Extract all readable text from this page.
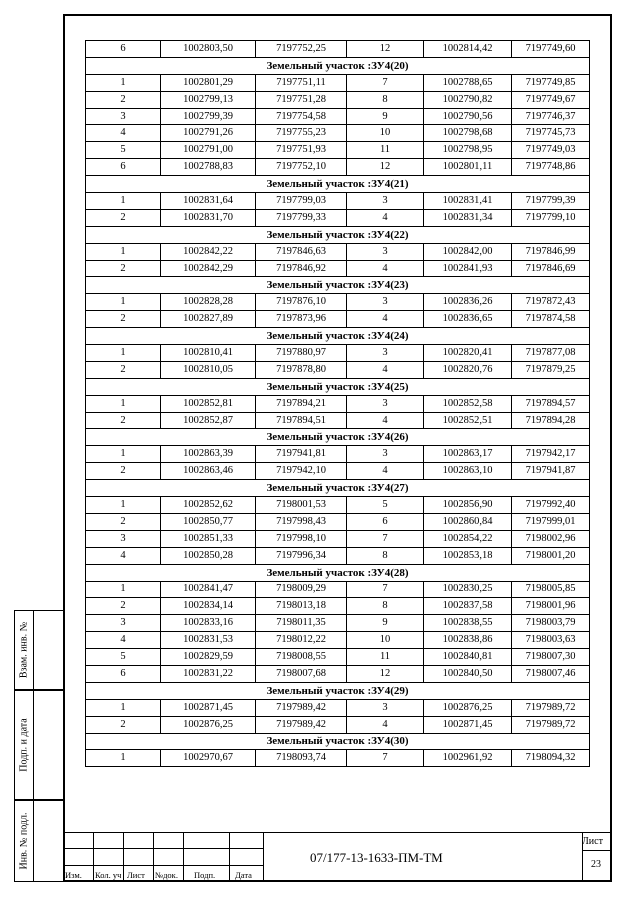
6	1002803,50	7197752,25	12	1002814,42	7197749,60
Земельный участок :ЗУ4(20)					
1	1002801,29	7197751,11	7	1002788,65	7197749,85
2	1002799,13	7197751,28	8	1002790,82	7197749,67
3	1002799,39	7197754,58	9	1002790,56	7197746,37
4	1002791,26	7197755,23	10	1002798,68	7197745,73
5	1002791,00	7197751,93	11	1002798,95	7197749,03
6	1002788,83	7197752,10	12	1002801,11	7197748,86
Земельный участок :ЗУ4(21)					
1	1002831,64	7197799,03	3	1002831,41	7197799,39
2	1002831,70	7197799,33	4	1002831,34	7197799,10
Земельный участок :ЗУ4(22)					
1	1002842,22	7197846,63	3	1002842,00	7197846,99
2	1002842,29	7197846,92	4	1002841,93	7197846,69
Земельный участок :ЗУ4(23)					
1	1002828,28	7197876,10	3	1002836,26	7197872,43
2	1002827,89	7197873,96	4	1002836,65	7197874,58
Земельный участок :ЗУ4(24)					
1	1002810,41	7197880,97	3	1002820,41	7197877,08
2	1002810,05	7197878,80	4	1002820,76	7197879,25
Земельный участок :ЗУ4(25)					
1	1002852,81	7197894,21	3	1002852,58	7197894,57
2	1002852,87	7197894,51	4	1002852,51	7197894,28
Земельный участок :ЗУ4(26)					
1	1002863,39	7197941,81	3	1002863,17	7197942,17
2	1002863,46	7197942,10	4	1002863,10	7197941,87
Земельный участок :ЗУ4(27)					
1	1002852,62	7198001,53	5	1002856,90	7197992,40
2	1002850,77	7197998,43	6	1002860,84	7197999,01
3	1002851,33	7197998,10	7	1002854,22	7198002,96
4	1002850,28	7197996,34	8	1002853,18	7198001,20
Земельный участок :ЗУ4(28)					
1	1002841,47	7198009,29	7	1002830,25	7198005,85
2	1002834,14	7198013,18	8	1002837,58	7198001,96
3	1002833,16	7198011,35	9	1002838,55	7198003,79
4	1002831,53	7198012,22	10	1002838,86	7198003,63
5	1002829,59	7198008,55	11	1002840,81	7198007,30
6	1002831,22	7198007,68	12	1002840,50	7198007,46
Земельный участок :ЗУ4(29)					
1	1002871,45	7197989,42	3	1002876,25	7197989,72
2	1002876,25	7197989,42	4	1002871,45	7197989,72
Земельный участок :ЗУ4(30)					
1	1002970,67	7198093,74	7	1002961,92	7198094,32
Взам. инв. №
Подп. и дата
Инв. № подл.
Изм. Кол. уч Лист №док. Подп. Дата
07/177-13-1633-ПМ-ТМ
Лист
23
